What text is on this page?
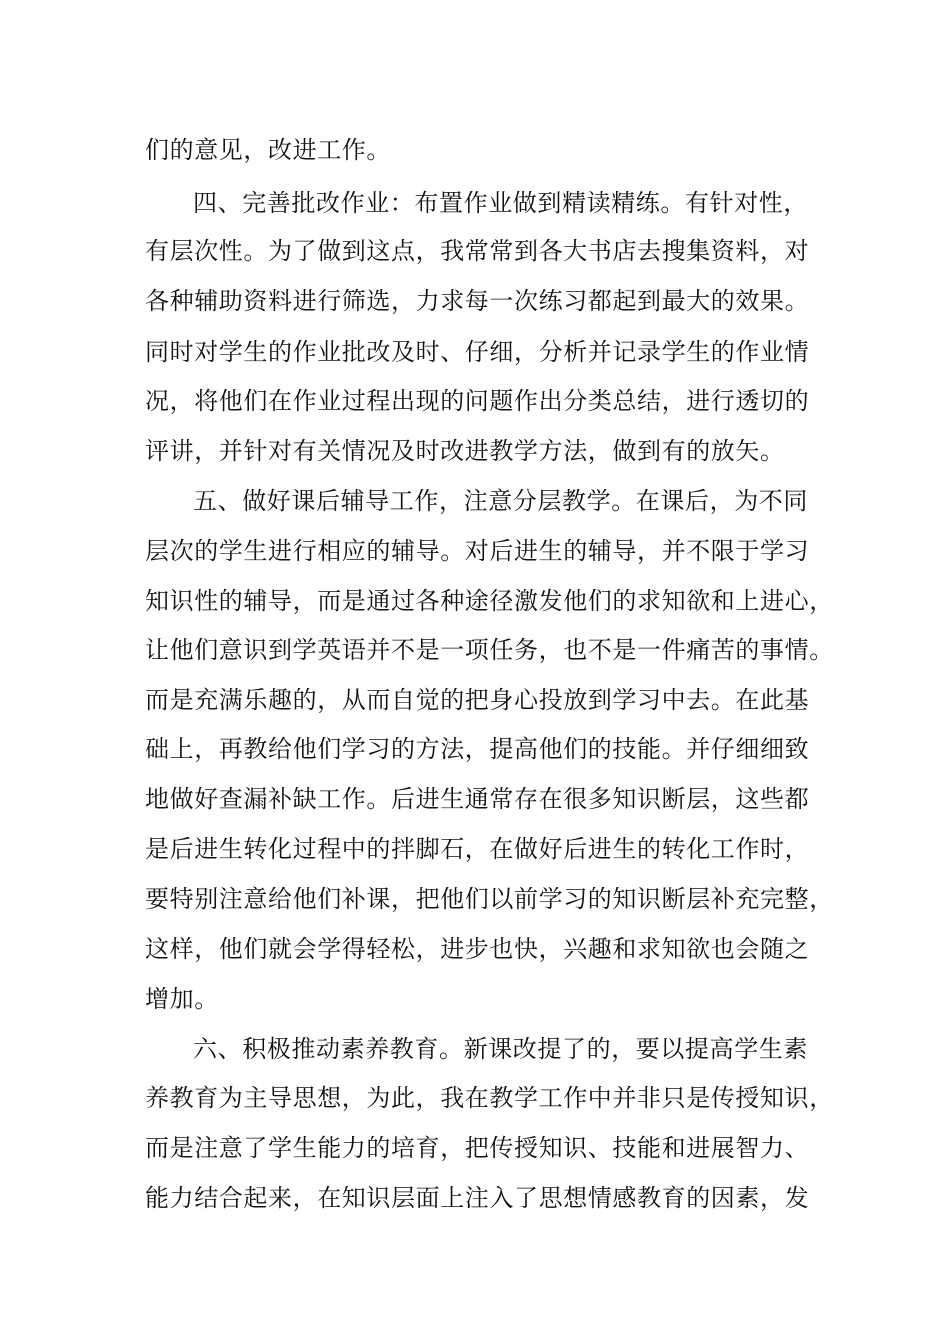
们的意见，改进工作。
四、完善批改作业：布置作业做到精读精练。有针对性，
有层次性。为了做到这点，我常常到各大书店去搜集资料，对
各种辅助资料进行筛选，力求每一次练习都起到最大的效果。
同时对学生的作业批改及时、仔细，分析并记录学生的作业情
况，将他们在作业过程出现的问题作出分类总结，进行透切的
评讲，并针对有关情况及时改进教学方法，做到有的放矢。
五、做好课后辅导工作，注意分层教学。在课后，为不同
层次的学生进行相应的辅导。对后进生的辅导，并不限于学习
知识性的辅导，而是通过各种途径激发他们的求知欲和上进心，
让他们意识到学英语并不是一项任务，也不是一件痛苦的事情。
而是充满乐趣的，从而自觉的把身心投放到学习中去。在此基
础上，再教给他们学习的方法，提高他们的技能。并仔细细致
地做好查漏补缺工作。后进生通常存在很多知识断层，这些都
是后进生转化过程中的拌脚石，在做好后进生的转化工作时，
要特别注意给他们补课，把他们以前学习的知识断层补充完整，
这样，他们就会学得轻松，进步也快，兴趣和求知欲也会随之
增加。
六、积极推动素养教育。新课改提了的，要以提高学生素
养教育为主导思想，为此，我在教学工作中并非只是传授知识，
而是注意了学生能力的培育，把传授知识、技能和进展智力、
能力结合起来，在知识层面上注入了思想情感教育的因素，发
